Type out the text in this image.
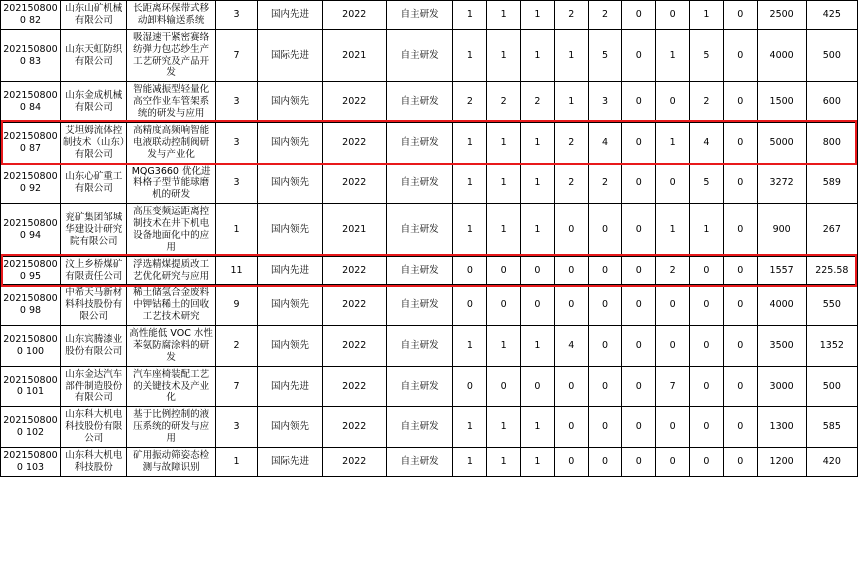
2021508000 82	山东山矿机械有限公司	长距离环保带式移动卸料输送系统	3	国内先进	2022	自主研发	1	1	1	2	2	0	0	1	0	2500	425
2021508000 83	山东天虹防织有限公司	吸湿速干紧密赛络纺弹力包芯纱生产工艺研究及产品开发	7	国际先进	2021	自主研发	1	1	1	1	5	0	1	5	0	4000	500
2021508000 84	山东金成机械有限公司	智能减振型轻量化高空作业车管架系统的研发与应用	3	国内领先	2022	自主研发	2	2	2	1	3	0	0	2	0	1500	600
2021508000 87	艾坦姆流体控制技术（山东）有限公司	高精度高频响智能电液联动控制阀研发与产业化	3	国内领先	2022	自主研发	1	1	1	2	4	0	1	4	0	5000	800
2021508000 92	山东心矿重工有限公司	MQG3660 优化进料格子型节能球磨机的研发	3	国内领先	2022	自主研发	1	1	1	2	2	0	0	5	0	3272	589
2021508000 94	兖矿集团邹城华建设计研究院有限公司	高压变频运距离控制技术在井下机电设备地面化中的应用	1	国内领先	2021	自主研发	1	1	1	0	0	0	1	1	0	900	267
2021508000 95	汶上乡桥煤矿有限责任公司	浮选精煤提质改工艺优化研究与应用	11	国内先进	2022	自主研发	0	0	0	0	0	0	2	0	0	1557	225.58
2021508000 98	中希天马新材料科技股份有限公司	稀土储氢合金废料中钾钴稀土的回收工艺技术研究	9	国内领先	2022	自主研发	0	0	0	0	0	0	0	0	0	4000	550
2021508000 100	山东宾腾漆业股份有限公司	高性能低 VOC 水性苯氨防腐涂料的研发	2	国内领先	2022	自主研发	1	1	1	4	0	0	0	0	0	3500	1352
2021508000 101	山东金达汽车部件制造股份有限公司	汽车座椅装配工艺的关键技术及产业化	7	国内先进	2022	自主研发	0	0	0	0	0	0	7	0	0	3000	500
2021508000 102	山东科大机电科技股份有限公司	基于比例控制的液压系统的研发与应用	3	国内领先	2022	自主研发	1	1	1	0	0	0	0	0	0	1300	585
2021508000 103	山东科大机电科技股份	矿用振动筛姿态检测与故障识别	1	国际先进	2022	自主研发	1	1	1	0	0	0	0	0	0	1200	420
